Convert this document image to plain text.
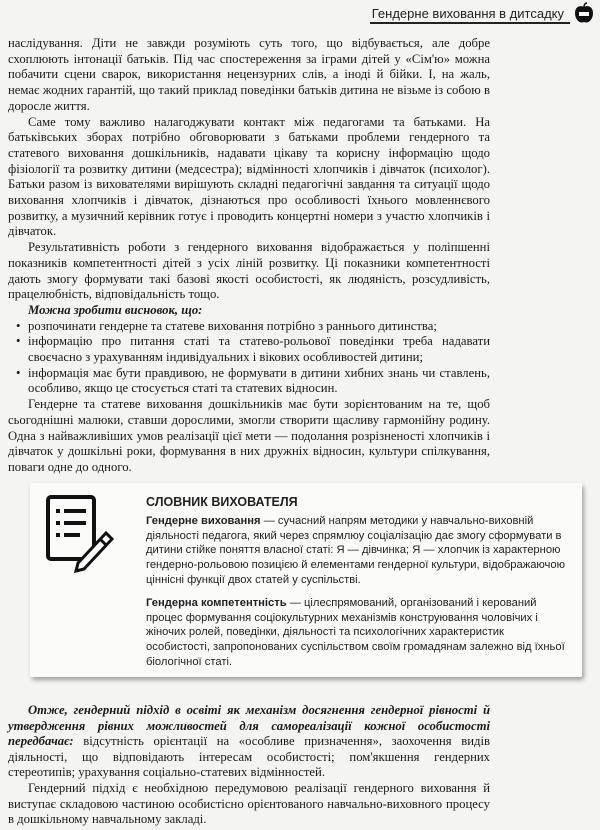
Гендерне виховання в дитсадку

наслідування. Діти не завжди розуміють суть того, що відбувається, але добре схоплюють інтонації батьків. Під час спостереження за іграми дітей у «Сім'ю» можна побачити сцени сварок, використання нецензурних слів, а іноді й бійки. І, на жаль, немає жодних гарантій, що такий приклад поведінки батьків дитина не візьме із собою в дороcле життя.

Саме тому важливо налагоджувати контакт між педагогами та батьками. На батьківських зборах потрібно обговорювати з батьками проблеми гендерного та статевого виховання дошкільників, надавати цікаву та корисну інформацію щодо фізіології та розвитку дитини (медсестра); відмінності хлопчиків і дівчаток (психолог). Батьки разом із вихователями вирішують складні педагогічні завдання та ситуації щодо виховання хлопчиків і дівчаток, дізнаються про особливості їхнього мовленнєвого розвитку, а музичний керівник готує і проводить концертні номери з участю хлопчиків і дівчаток.

Результативність роботи з гендерного виховання відображається у поліпшенні показників компетентності дітей з усіх ліній розвитку. Ці показники компетентності дають змогу формувати такі базові якості особистості, як людяність, розсудливість, працелюбність, відповідальність тощо.

Можна зробити висновок, що:

• розпочинати гендерне та статеве виховання потрібно з раннього дитинства;

• інформацію про питання статі та статево-рольової поведінки треба надавати своєчасно з урахуванням індивідуальних і вікових особливостей дитини;

• інформація має бути правдивою, не формувати в дитини хибних знань чи ставлень, особливо, якщо це стосується статі та статевих відносин.

Гендерне та статеве виховання дошкільників має бути зорієнтованим на те, щоб сьогоднішні малюки, ставши дорослими, змогли створити щасливу гармонійну родину. Одна з найважливіших умов реалізації цієї мети — подолання розрізненості хлопчиків і дівчаток у дошкільні роки, формування в них дружніх відносин, культури спілкування, поваги одне до одного.

СЛОВНИК ВИХОВАТЕЛЯ

Гендерне виховання — сучасний напрям методики у навчально-виховній діяльності педагога, який через спрямлюу соціалізацію дає змогу сформувати в дитини стійке поняття власної статі: Я — дівчинка; Я — хлопчик із характерною гендерно-рольовою позицією й елементами гендерної культури, відображаючою ціннісні функції двох статей у суспільстві.

Гендерна компетентність — цілеспрямований, організований і керований процес формування соціокультурних механізмів конструювання чоловічих і жіночих ролей, поведінки, діяльності та психологічних характеристик особистості, запропонованих суспільством своїм громадянам залежно від їхньої біологічної статі.

Отже, гендерний підхід в освіті як механізм досягнення гендерної рівності й утвердження рівних можливостей для самореалізації кожної особистості передбачає: відсутність орієнтації на «особливе призначення», заохочення видів діяльності, що відповідають інтересам особистості; пом'якшення гендерних стереотипів; урахування соціально-статевих відмінностей.

Гендерний підхід є необхідною передумовою реалізації гендерного виховання й виступає складовою частиною особистісно орієнтованого навчально-виховного процесу в дошкільному навчальному закладі.
